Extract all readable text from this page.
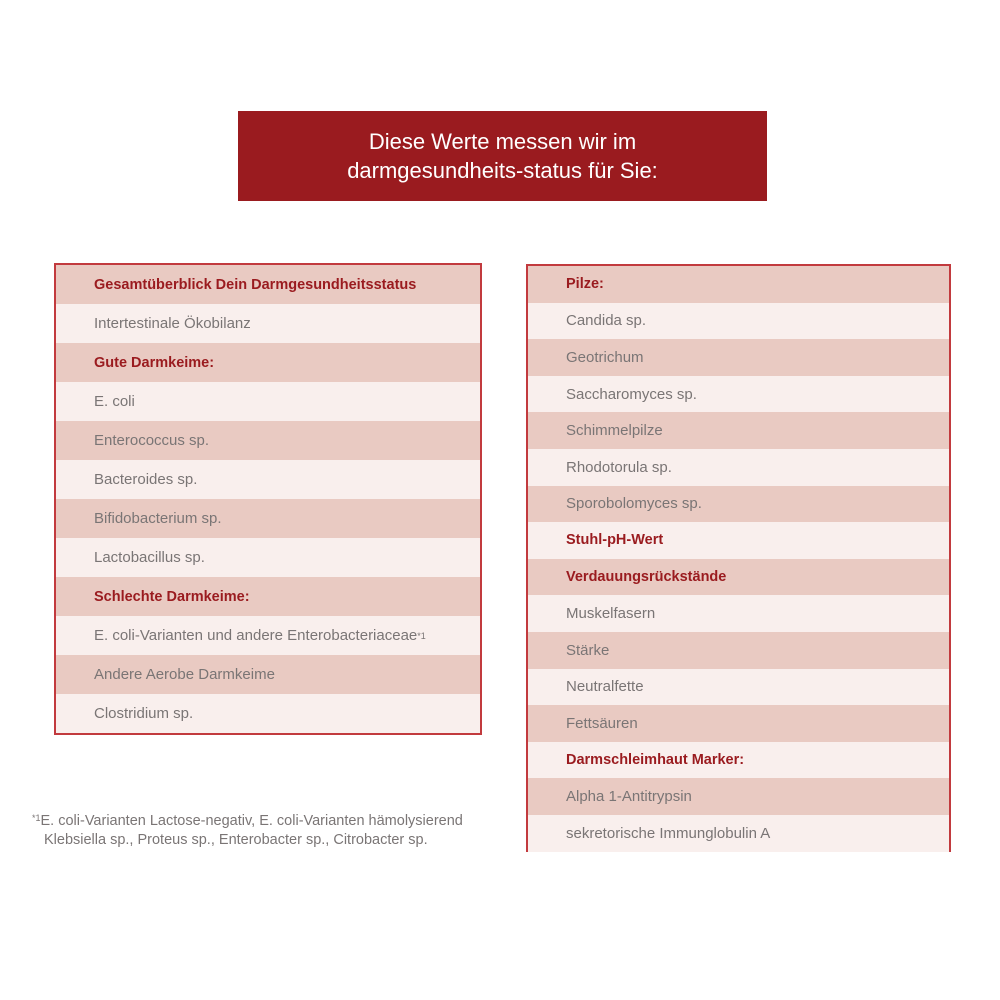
Diese Werte messen wir im
darmgesundheits-status für Sie:
Gesamtüberblick Dein Darmgesundheitsstatus
Intertestinale Ökobilanz
Gute Darmkeime:
E. coli
Enterococcus sp.
Bacteroides sp.
Bifidobacterium sp.
Lactobacillus sp.
Schlechte Darmkeime:
E. coli-Varianten und andere Enterobacteriaceae *1
Andere Aerobe Darmkeime
Clostridium sp.
Pilze:
Candida sp.
Geotrichum
Saccharomyces sp.
Schimmelpilze
Rhodotorula sp.
Sporobolomyces sp.
Stuhl-pH-Wert
Verdauungsrückstände
Muskelfasern
Stärke
Neutralfette
Fettsäuren
Darmschleimhaut Marker:
Alpha 1-Antitrypsin
sekretorische Immunglobulin A
$^{*1}$E. coli-Varianten Lactose-negativ, E. coli-Varianten hämolysierend
Klebsiella sp., Proteus sp., Enterobacter sp., Citrobacter sp.
